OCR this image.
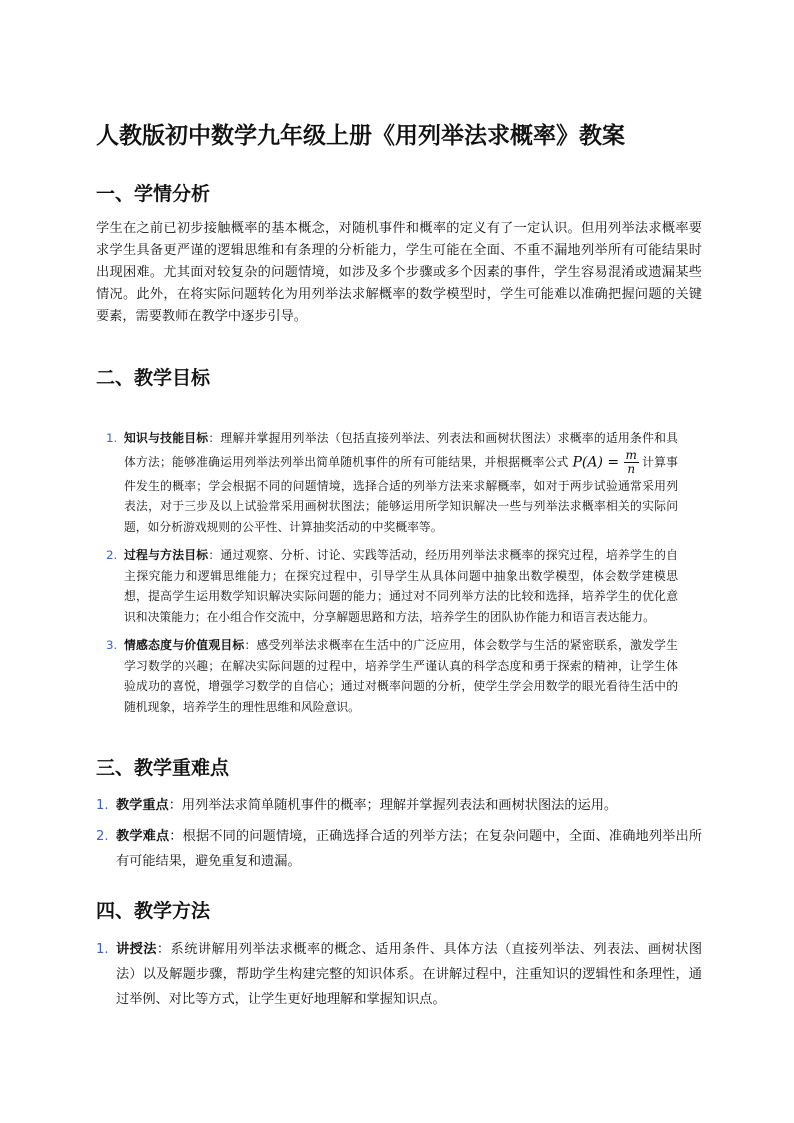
人教版初中数学九年级上册《用列举法求概率》教案
一、学情分析

学生在之前已初步接触概率的基本概念，对随机事件和概率的定义有了一定认识。但用列举法求概率要求学生具备更严谨的逻辑思维和有条理的分析能力，学生可能在全面、不重不漏地列举所有可能结果时出现困难。尤其面对较复杂的问题情境，如涉及多个步骤或多个因素的事件，学生容易混淆或遗漏某些情况。此外，在将实际问题转化为用列举法求解概率的数学模型时，学生可能难以准确把握问题的关键要素，需要教师在教学中逐步引导。

二、教学目标
1. 知识与技能目标：理解并掌握用列举法（包括直接列举法、列表法和画树状图法）求概率的适用条件和具体方法；能够准确运用列举法列举出简单随机事件的所有可能结果，并根据概率公式 $P(A) = \frac{m}{n}$ 计算事件发生的概率；学会根据不同的问题情境，选择合适的列举方法来求解概率，如对于两步试验通常采用列表法，对于三步及以上试验常采用画树状图法；能够运用所学知识解决一些与列举法求概率相关的实际问题，如分析游戏规则的公平性、计算抽奖活动的中奖概率等。
2. 过程与方法目标：通过观察、分析、讨论、实践等活动，经历用列举法求概率的探究过程，培养学生的自主探究能力和逻辑思维能力；在探究过程中，引导学生从具体问题中抽象出数学模型，体会数学建模思想，提高学生运用数学知识解决实际问题的能力；通过对不同列举方法的比较和选择，培养学生的优化意识和决策能力；在小组合作交流中，分享解题思路和方法，培养学生的团队协作能力和语言表达能力。
3. 情感态度与价值观目标：感受列举法求概率在生活中的广泛应用，体会数学与生活的紧密联系，激发学生学习数学的兴趣；在解决实际问题的过程中，培养学生严谨认真的科学态度和勇于探索的精神，让学生体验成功的喜悦，增强学习数学的自信心；通过对概率问题的分析，使学生学会用数学的眼光看待生活中的随机现象，培养学生的理性思维和风险意识。
三、教学重难点
1. 教学重点：用列举法求简单随机事件的概率；理解并掌握列表法和画树状图法的运用。
2. 教学难点：根据不同的问题情境，正确选择合适的列举方法；在复杂问题中，全面、准确地列举出所有可能结果，避免重复和遗漏。
四、教学方法
1. 讲授法：系统讲解用列举法求概率的概念、适用条件、具体方法（直接列举法、列表法、画树状图法）以及解题步骤，帮助学生构建完整的知识体系。在讲解过程中，注重知识的逻辑性和条理性，通过举例、对比等方式，让学生更好地理解和掌握知识点。
